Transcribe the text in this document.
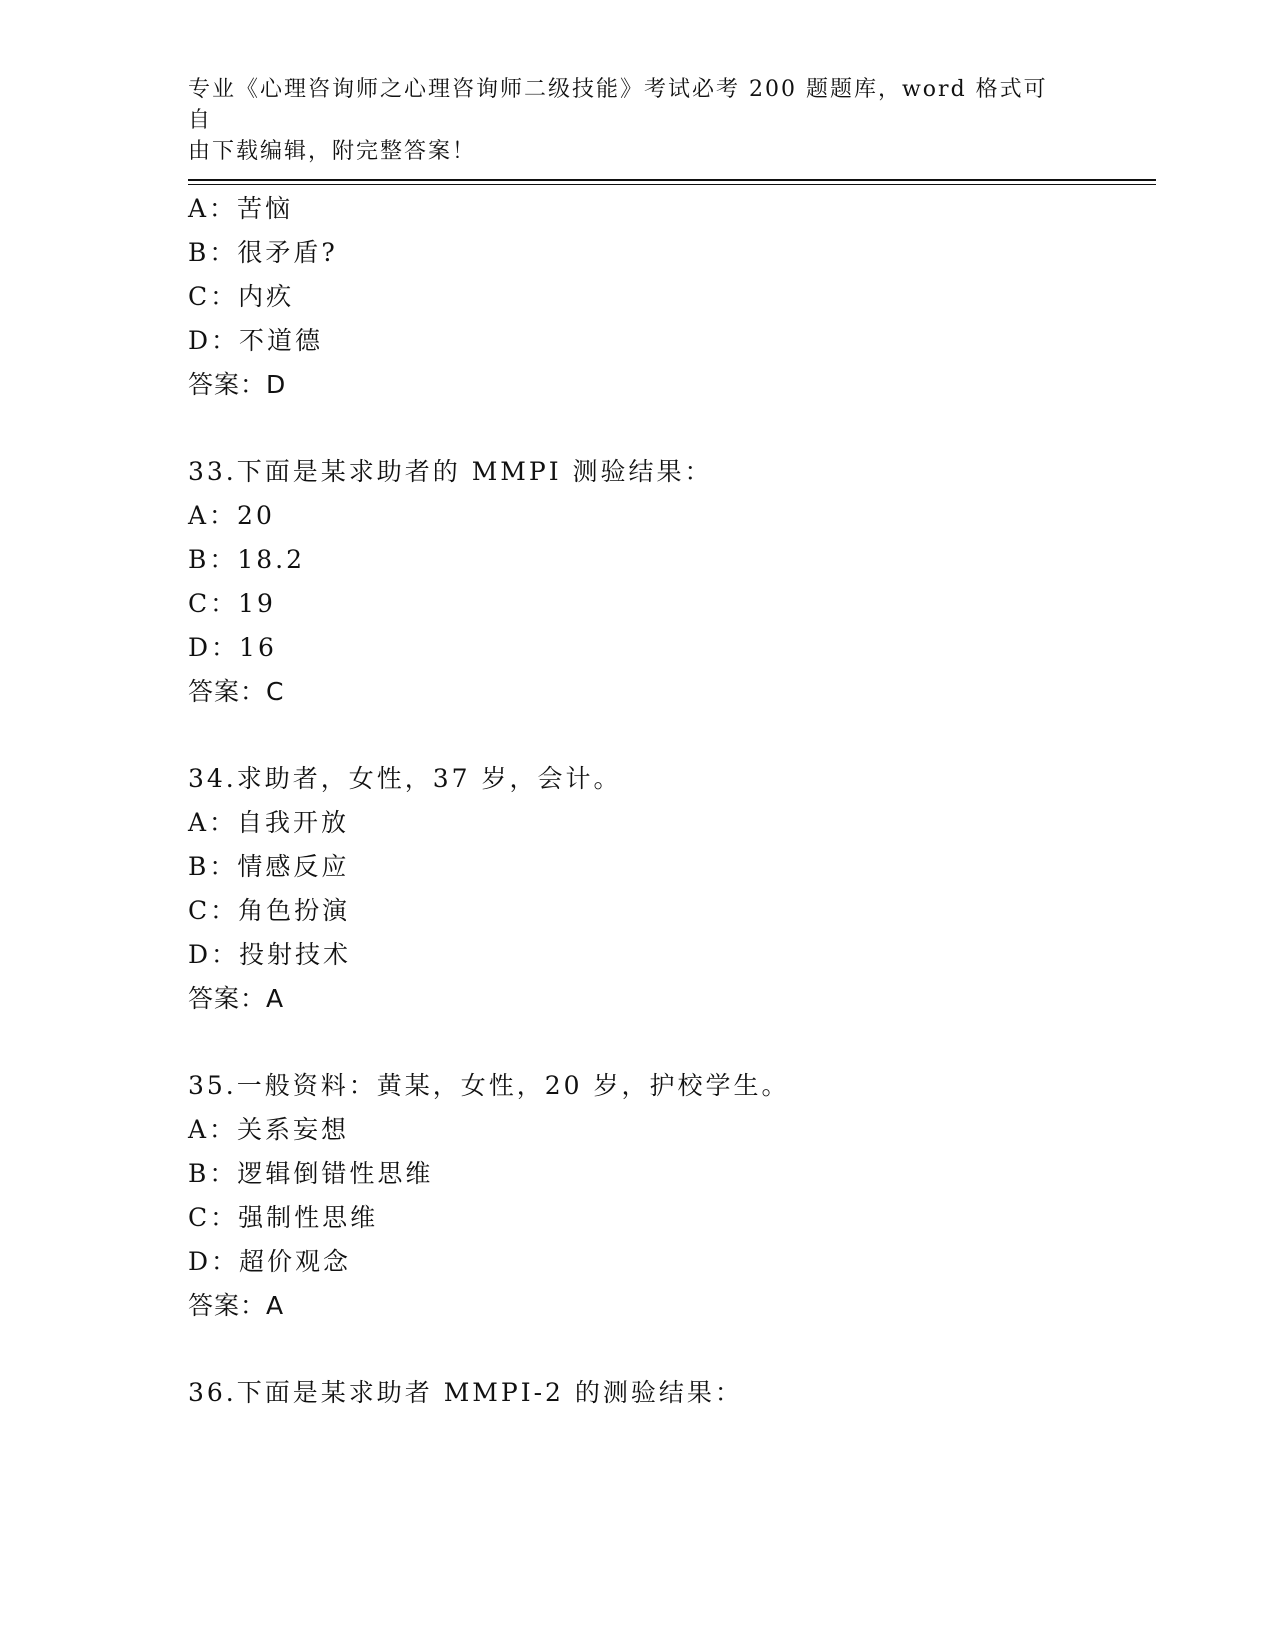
专业《心理咨询师之心理咨询师二级技能》考试必考 200 题题库，word 格式可自
由下载编辑，附完整答案！
A：苦恼
B：很矛盾?
C：内疚
D：不道德
答案：D
33.下面是某求助者的 MMPI 测验结果：
A：20
B：18.2
C：19
D：16
答案：C
34.求助者，女性，37 岁，会计。
A：自我开放
B：情感反应
C：角色扮演
D：投射技术
答案：A
35.一般资料：黄某，女性，20 岁，护校学生。
A：关系妄想
B：逻辑倒错性思维
C：强制性思维
D：超价观念
答案：A
36.下面是某求助者 MMPI-2 的测验结果：
